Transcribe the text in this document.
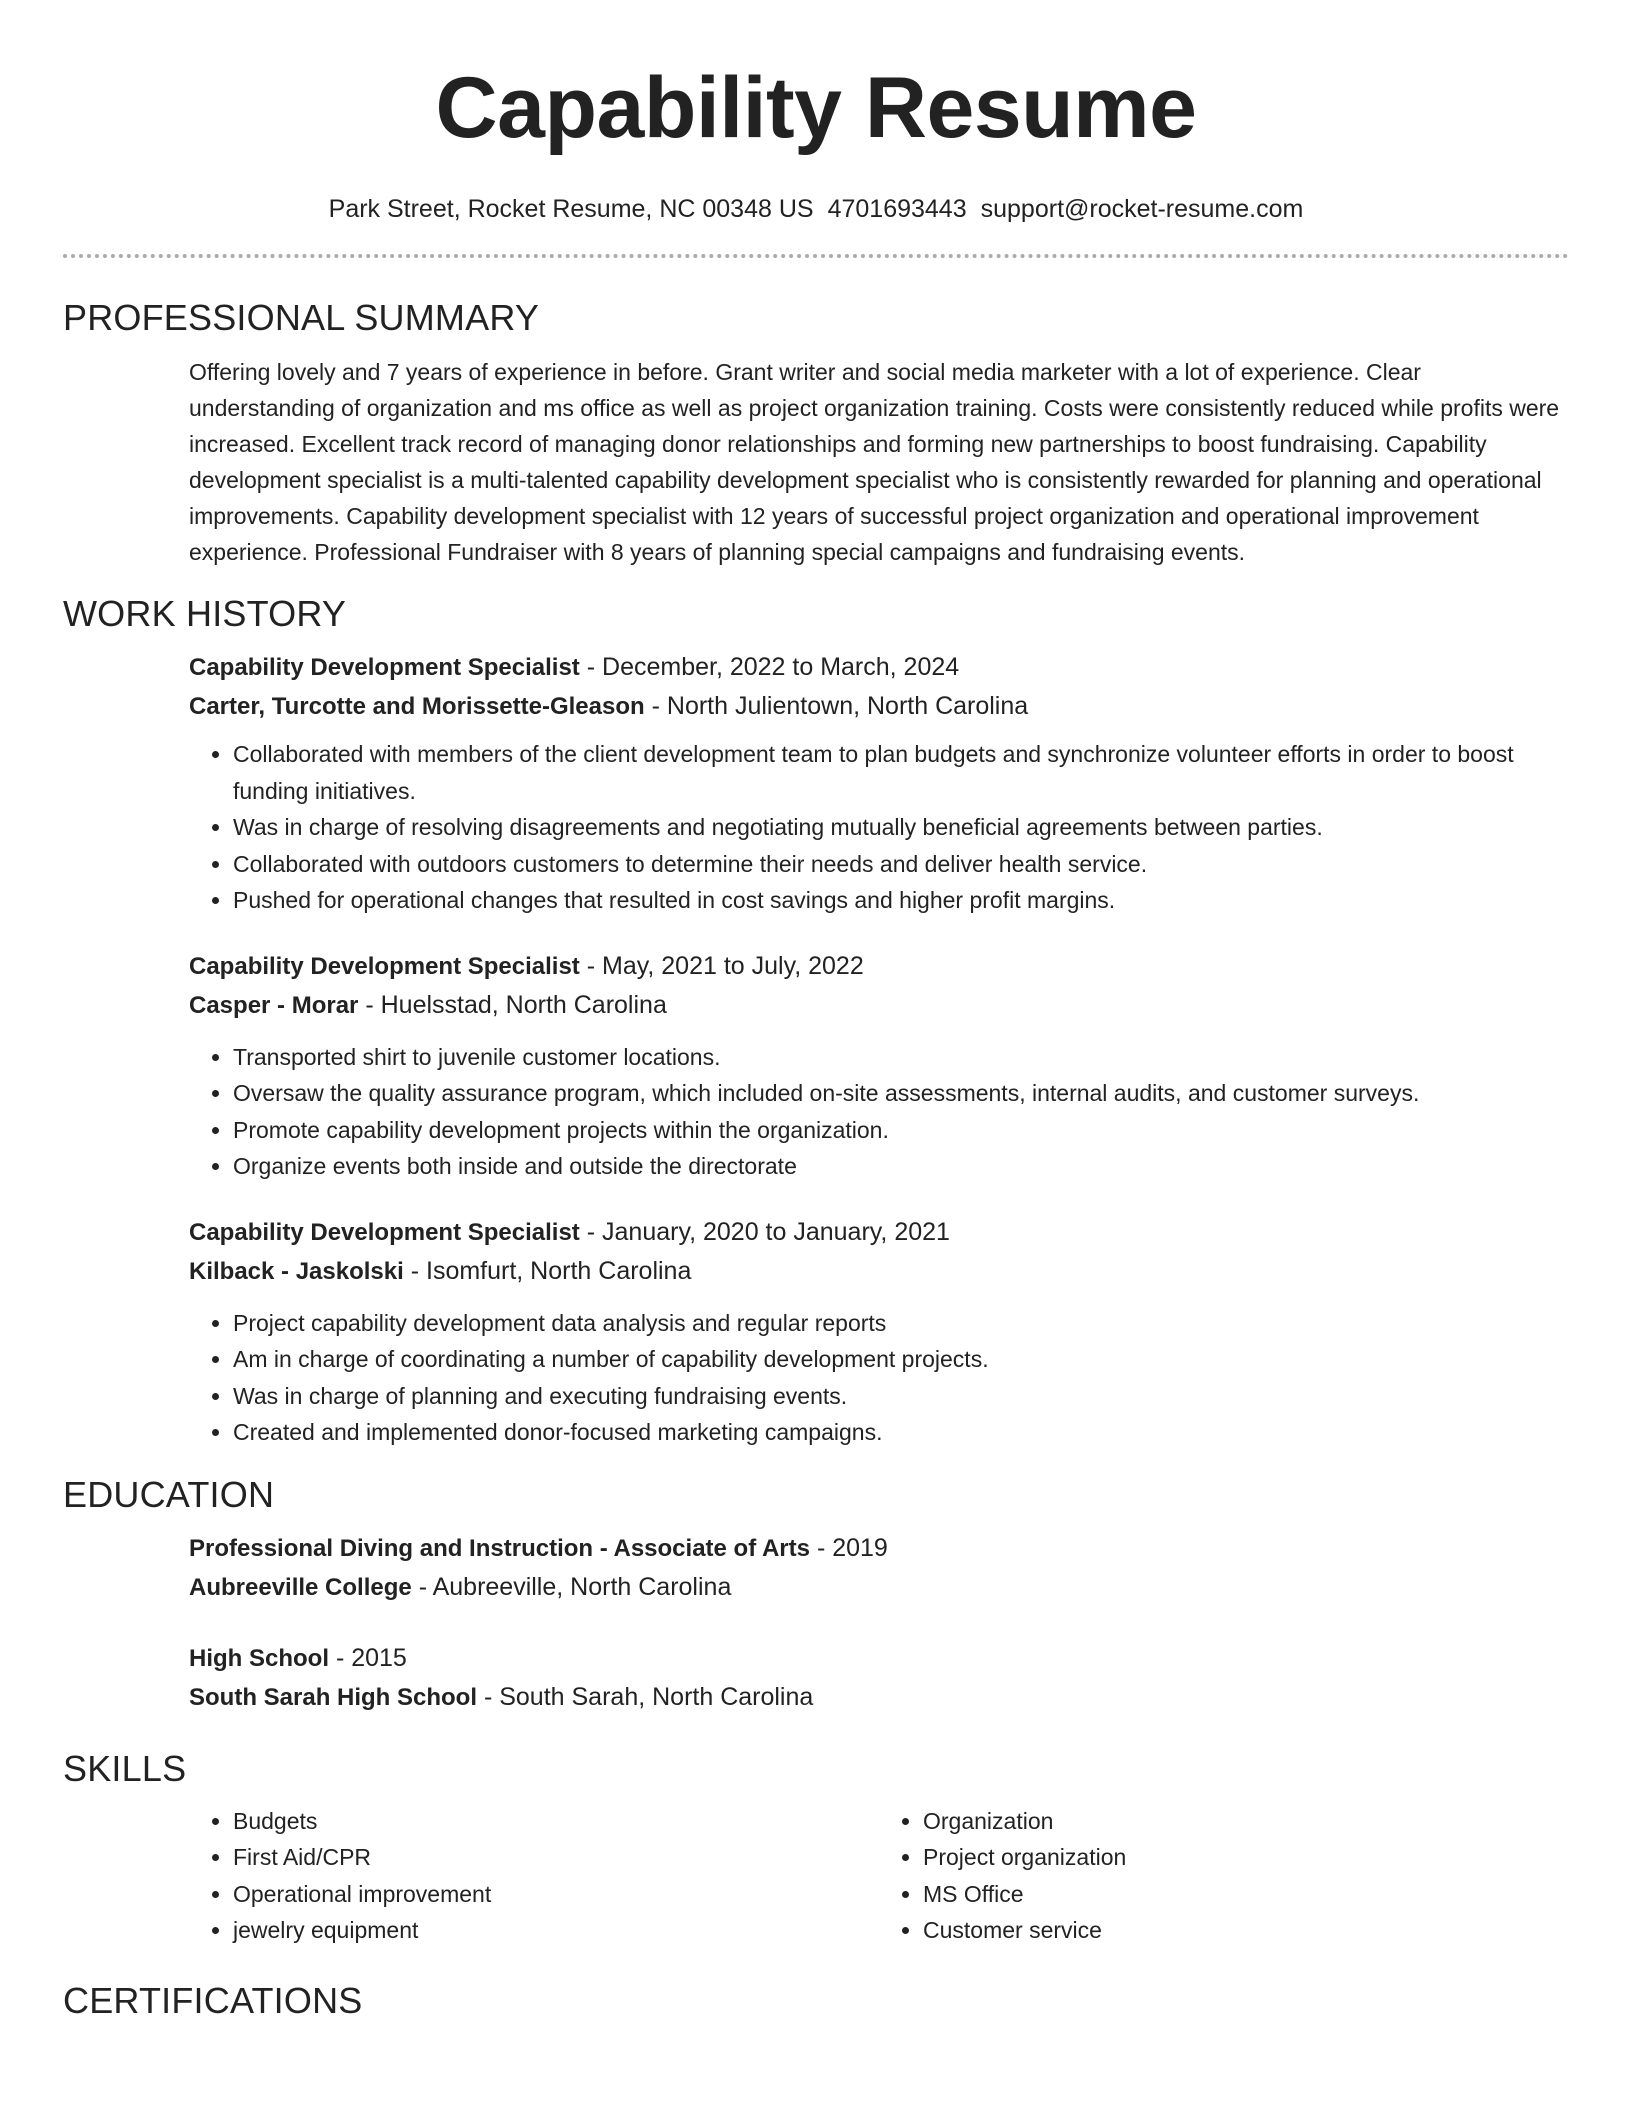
Capability Resume
Park Street, Rocket Resume, NC 00348 US 4701693443 support@rocket-resume.com
PROFESSIONAL SUMMARY

Offering lovely and 7 years of experience in before. Grant writer and social media marketer with a lot of experience. Clear understanding of organization and ms office as well as project organization training. Costs were consistently reduced while profits were increased. Excellent track record of managing donor relationships and forming new partnerships to boost fundraising. Capability development specialist is a multi-talented capability development specialist who is consistently rewarded for planning and operational improvements. Capability development specialist with 12 years of successful project organization and operational improvement experience. Professional Fundraiser with 8 years of planning special campaigns and fundraising events.

WORK HISTORY
Capability Development Specialist - December, 2022 to March, 2024
Carter, Turcotte and Morissette-Gleason - North Julientown, North Carolina
• Collaborated with members of the client development team to plan budgets and synchronize volunteer efforts in order to boost funding initiatives.
• Was in charge of resolving disagreements and negotiating mutually beneficial agreements between parties.
• Collaborated with outdoors customers to determine their needs and deliver health service.
• Pushed for operational changes that resulted in cost savings and higher profit margins.
Capability Development Specialist - May, 2021 to July, 2022
Casper - Morar - Huelsstad, North Carolina
• Transported shirt to juvenile customer locations.
• Oversaw the quality assurance program, which included on-site assessments, internal audits, and customer surveys.
• Promote capability development projects within the organization.
• Organize events both inside and outside the directorate
Capability Development Specialist - January, 2020 to January, 2021
Kilback - Jaskolski - Isomfurt, North Carolina
• Project capability development data analysis and regular reports
• Am in charge of coordinating a number of capability development projects.
• Was in charge of planning and executing fundraising events.
• Created and implemented donor-focused marketing campaigns.
EDUCATION
Professional Diving and Instruction - Associate of Arts - 2019
Aubreeville College - Aubreeville, North Carolina
High School - 2015
South Sarah High School - South Sarah, North Carolina
SKILLS
• Budgets
• First Aid/CPR
• Operational improvement
• jewelry equipment
• Organization
• Project organization
• MS Office
• Customer service
CERTIFICATIONS
